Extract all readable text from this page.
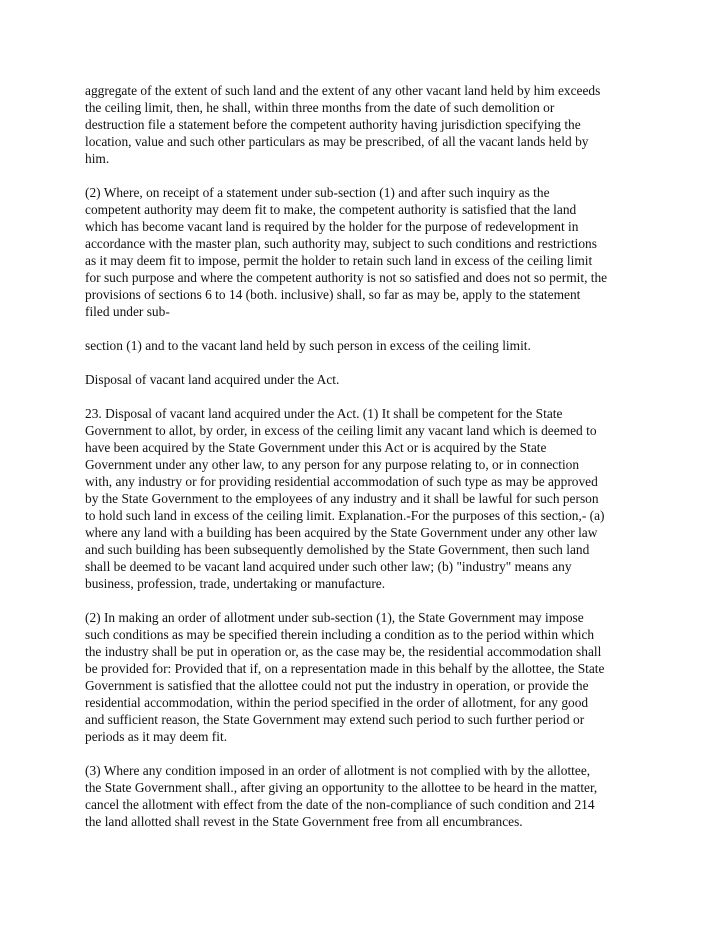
aggregate of the extent of such land and the extent of any other vacant land held by him exceeds
the ceiling limit, then, he shall, within three months from the date of such demolition or
destruction file a statement before the competent authority having jurisdiction specifying the
location, value and such other particulars as may be prescribed, of all the vacant lands held by
him.

(2) Where, on receipt of a statement under sub-section (1) and after such inquiry as the
competent authority may deem fit to make, the competent authority is satisfied that the land
which has become vacant land is required by the holder for the purpose of redevelopment in
accordance with the master plan, such authority may, subject to such conditions and restrictions
as it may deem fit to impose, permit the holder to retain such land in excess of the ceiling limit
for such purpose and where the competent authority is not so satisfied and does not so permit, the
provisions of sections 6 to 14 (both. inclusive) shall, so far as may be, apply to the statement
filed under sub-

section (1) and to the vacant land held by such person in excess of the ceiling limit.

Disposal of vacant land acquired under the Act.

23. Disposal of vacant land acquired under the Act. (1) It shall be competent for the State
Government to allot, by order, in excess of the ceiling limit any vacant land which is deemed to
have been acquired by the State Government under this Act or is acquired by the State
Government under any other law, to any person for any purpose relating to, or in connection
with, any industry or for providing residential accommodation of such type as may be approved
by the State Government to the employees of any industry and it shall be lawful for such person
to hold such land in excess of the ceiling limit. Explanation.-For the purposes of this section,- (a)
where any land with a building has been acquired by the State Government under any other law
and such building has been subsequently demolished by the State Government, then such land
shall be deemed to be vacant land acquired under such other law; (b) "industry" means any
business, profession, trade, undertaking or manufacture.

(2) In making an order of allotment under sub-section (1), the State Government may impose
such conditions as may be specified therein including a condition as to the period within which
the industry shall be put in operation or, as the case may be, the residential accommodation shall
be provided for: Provided that if, on a representation made in this behalf by the allottee, the State
Government is satisfied that the allottee could not put the industry in operation, or provide the
residential accommodation, within the period specified in the order of allotment, for any good
and sufficient reason, the State Government may extend such period to such further period or
periods as it may deem fit.

(3) Where any condition imposed in an order of allotment is not complied with by the allottee,
the State Government shall., after giving an opportunity to the allottee to be heard in the matter,
cancel the allotment with effect from the date of the non-compliance of such condition and 214
the land allotted shall revest in the State Government free from all encumbrances.
